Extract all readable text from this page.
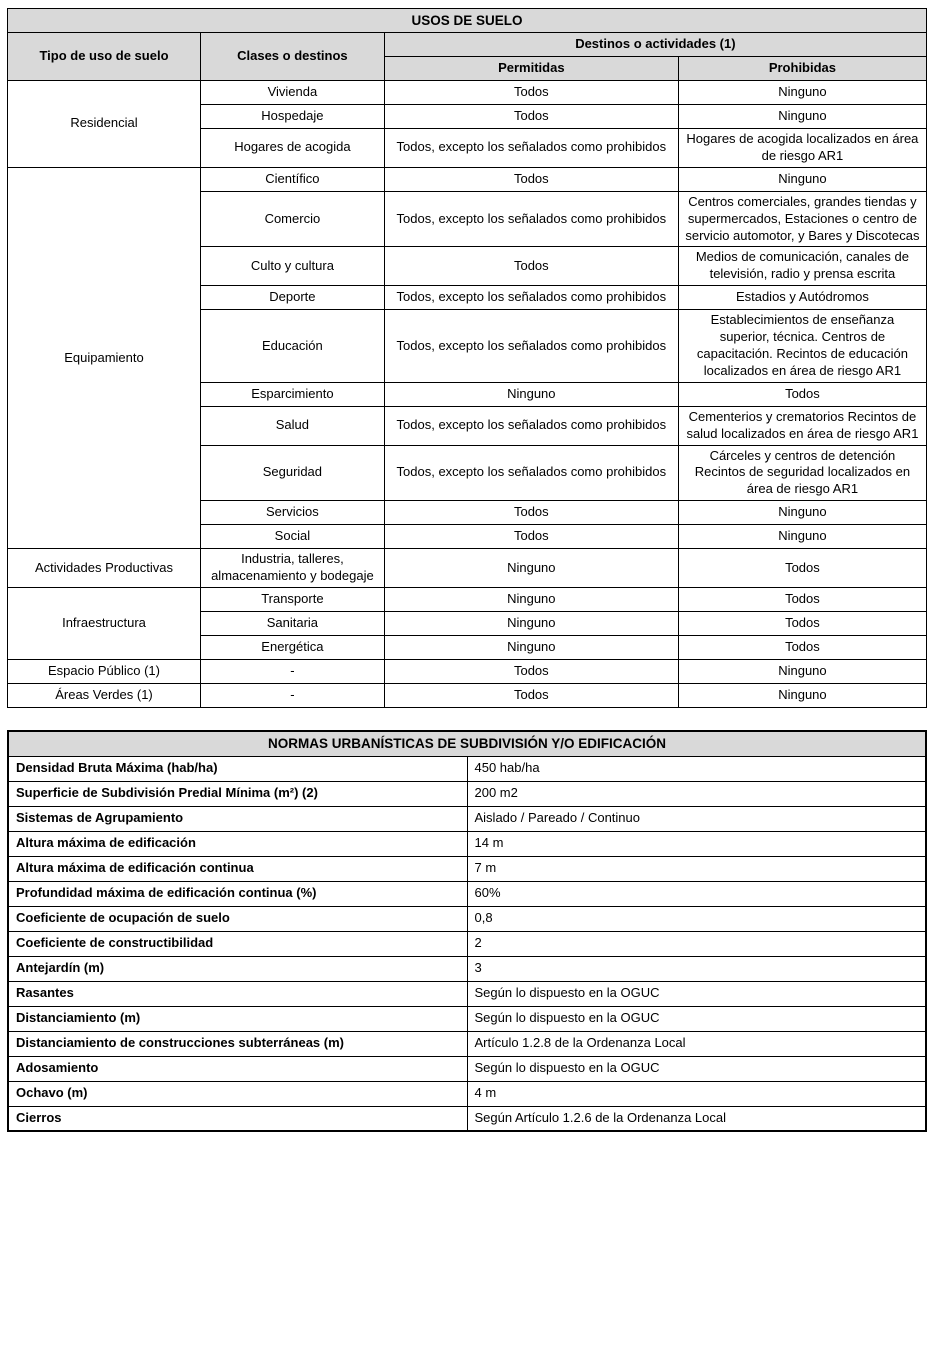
USOS DE SUELO			
Tipo de uso de suelo	Clases o destinos	Destinos o actividades (1)	
		Permitidas	Prohibidas
Residencial	Vivienda	Todos	Ninguno
	Hospedaje	Todos	Ninguno
	Hogares de acogida	Todos, excepto los señalados como prohibidos	Hogares de acogida localizados en área de riesgo AR1
Equipamiento	Científico	Todos	Ninguno
	Comercio	Todos, excepto los señalados como prohibidos	Centros comerciales, grandes tiendas y supermercados, Estaciones o centro de servicio automotor, y Bares y Discotecas
	Culto y cultura	Todos	Medios de comunicación, canales de televisión, radio y prensa escrita
	Deporte	Todos, excepto los señalados como prohibidos	Estadios y Autódromos
	Educación	Todos, excepto los señalados como prohibidos	Establecimientos de enseñanza superior, técnica. Centros de capacitación. Recintos de educación localizados en área de riesgo AR1
	Esparcimiento	Ninguno	Todos
	Salud	Todos, excepto los señalados como prohibidos	Cementerios y crematorios Recintos de salud localizados en área de riesgo AR1
	Seguridad	Todos, excepto los señalados como prohibidos	Cárceles y centros de detención Recintos de seguridad localizados en área de riesgo AR1
	Servicios	Todos	Ninguno
	Social	Todos	Ninguno
Actividades Productivas	Industria, talleres, almacenamiento y bodegaje	Ninguno	Todos
Infraestructura	Transporte	Ninguno	Todos
	Sanitaria	Ninguno	Todos
	Energética	Ninguno	Todos
Espacio Público (1)	-	Todos	Ninguno
Áreas Verdes (1)	-	Todos	Ninguno
NORMAS URBANÍSTICAS DE SUBDIVISIÓN Y/O EDIFICACIÓN	
Densidad Bruta Máxima (hab/ha)	450 hab/ha
Superficie de Subdivisión Predial Mínima (m²) (2)	200 m2
Sistemas de Agrupamiento	Aislado / Pareado / Continuo
Altura máxima de edificación	14 m
Altura máxima de edificación continua	7 m
Profundidad máxima de edificación continua (%)	60%
Coeficiente de ocupación de suelo	0,8
Coeficiente de constructibilidad	2
Antejardín (m)	3
Rasantes	Según lo dispuesto en la OGUC
Distanciamiento (m)	Según lo dispuesto en la OGUC
Distanciamiento de construcciones subterráneas (m)	Artículo 1.2.8 de la Ordenanza Local
Adosamiento	Según lo dispuesto en la OGUC
Ochavo (m)	4 m
Cierros	Según Artículo 1.2.6 de la Ordenanza Local
